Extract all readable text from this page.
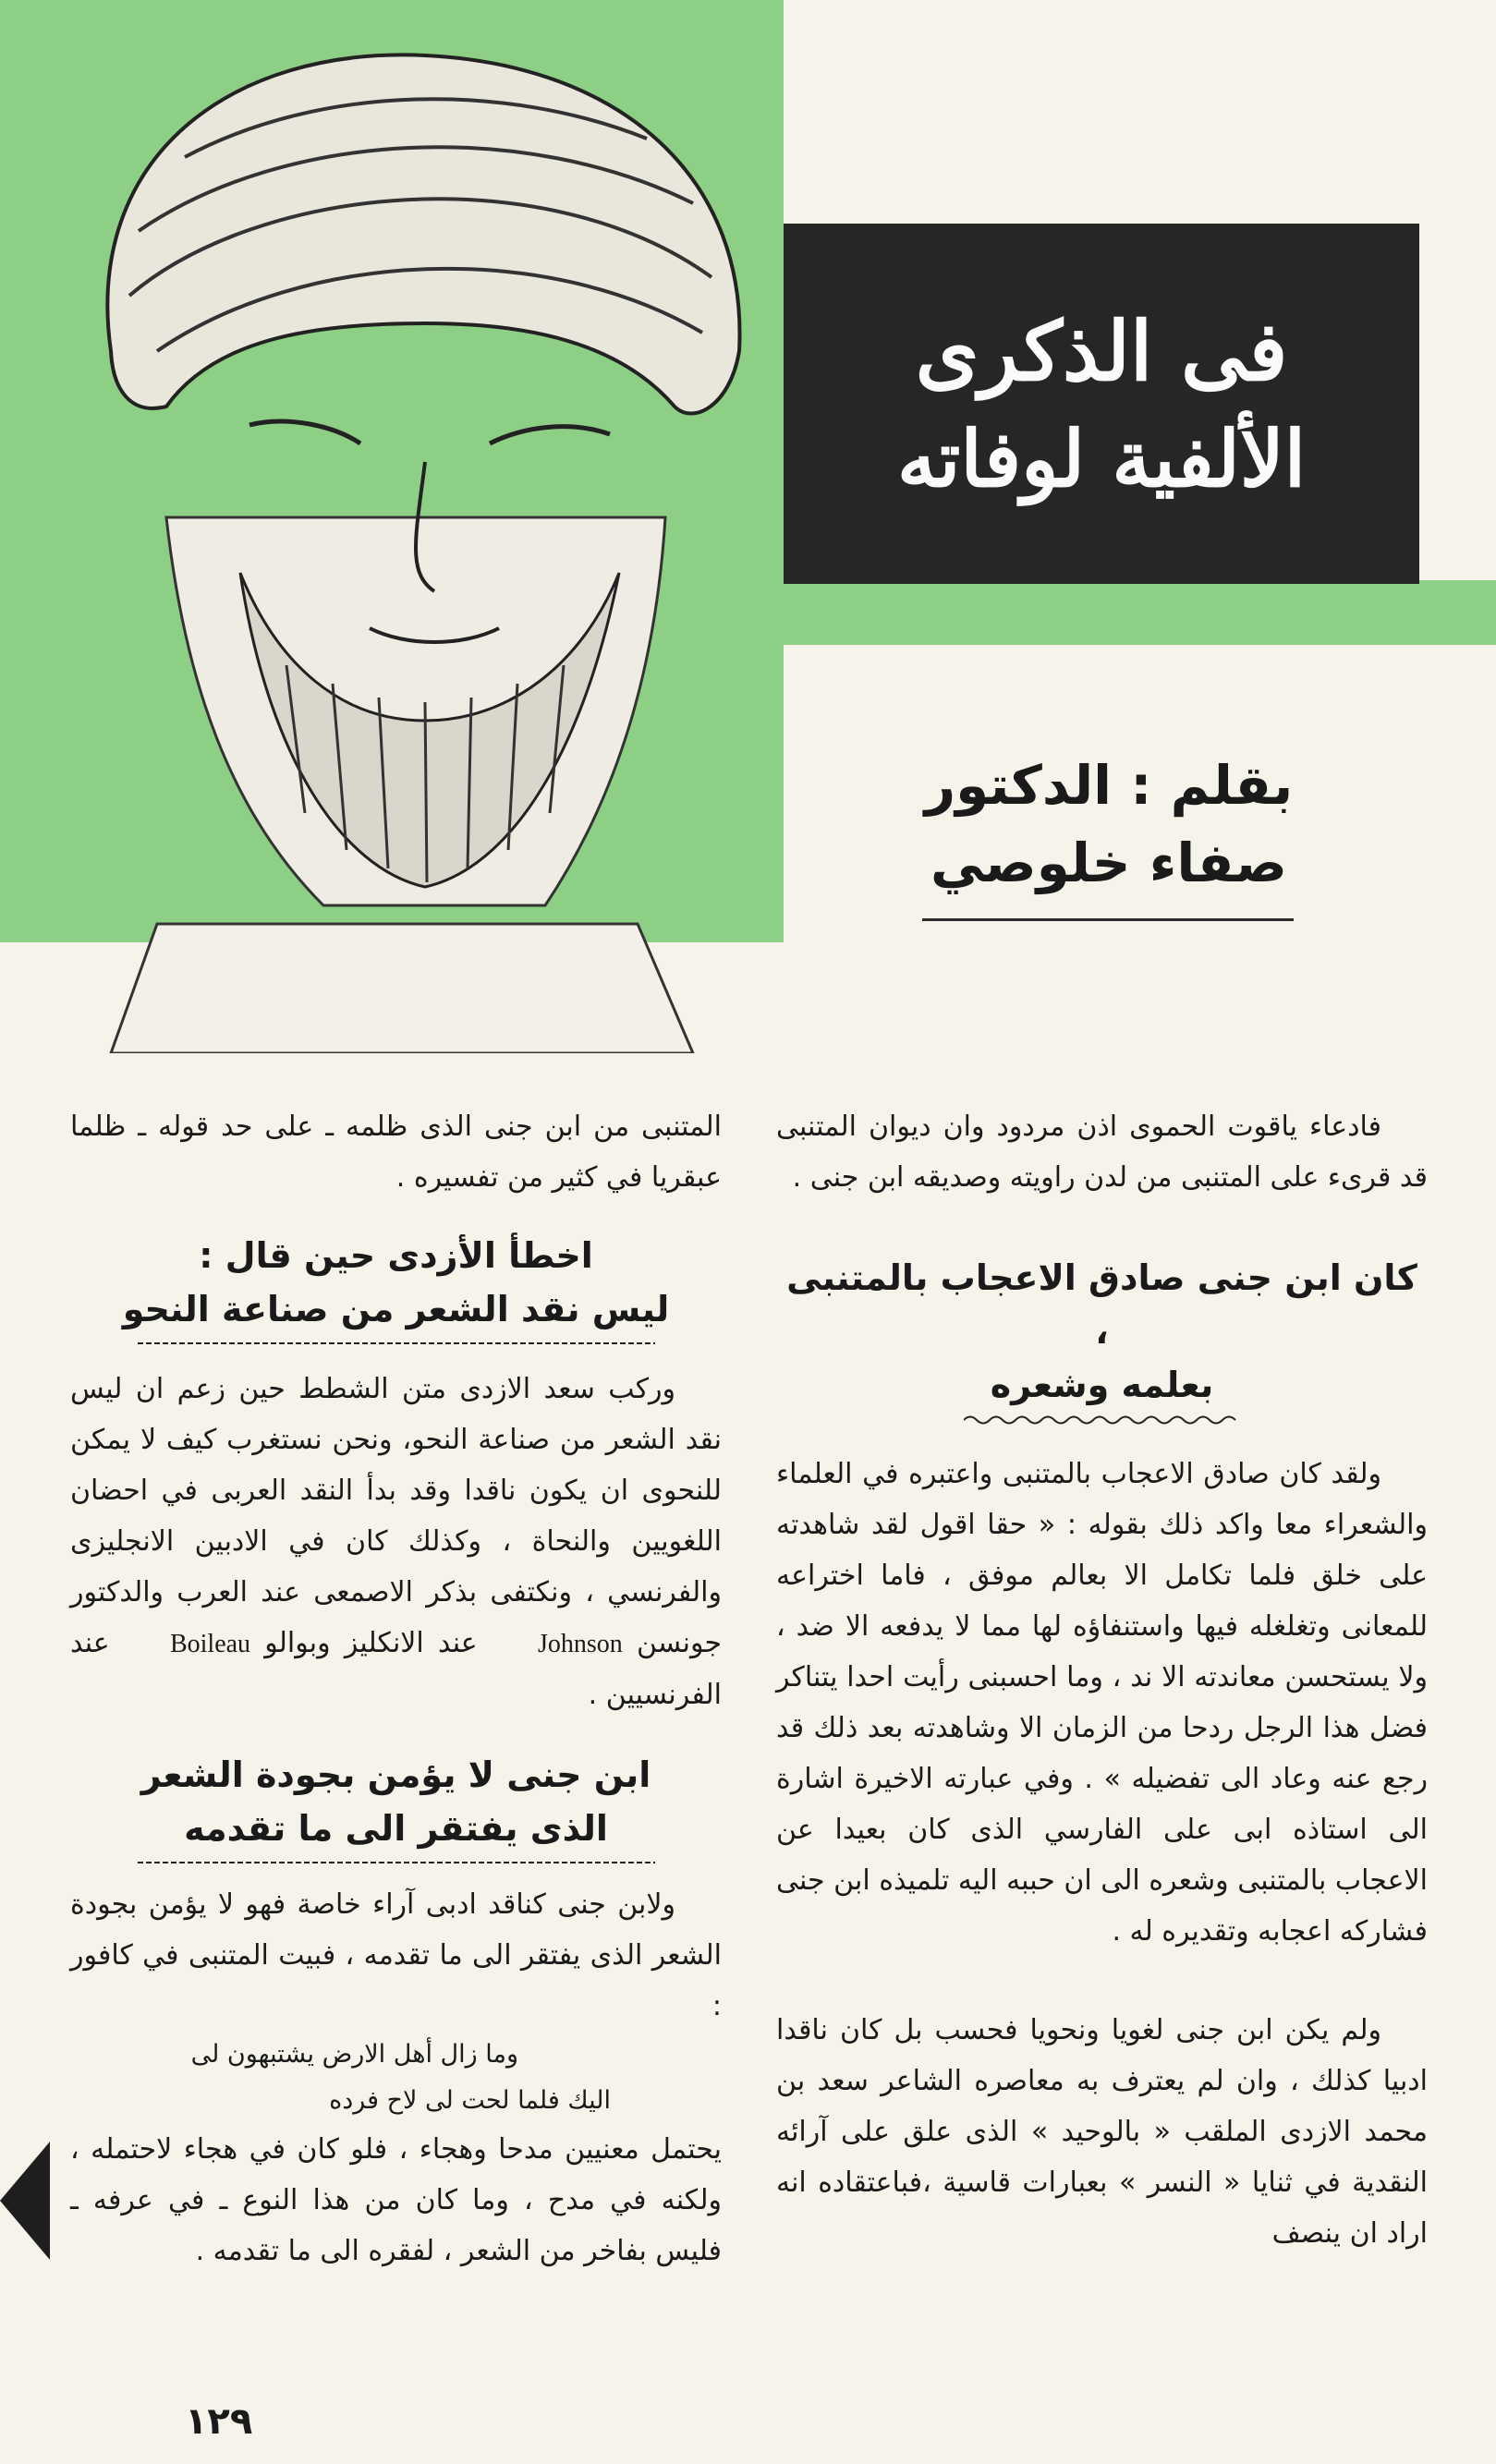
فى الذكرى
الألفية لوفاته
بقلم : الدكتور
صفاء خلوصي

فادعاء ياقوت الحموى اذن مردود وان ديوان المتنبى قد قرىء على المتنبى من لدن راويته وصديقه ابن جنى .

كان ابن جنى صادق الاعجاب بالمتنبى ،

بعلمه وشعره

ولقد كان صادق الاعجاب بالمتنبى واعتبره في العلماء والشعراء معا واكد ذلك بقوله : « حقا اقول لقد شاهدته على خلق فلما تكامل الا بعالم موفق ، فاما اختراعه للمعانى وتغلغله فيها واستنفاؤه لها مما لا يدفعه الا ضد ، ولا يستحسن معاندته الا ند ، وما احسبنى رأيت احدا يتناكر فضل هذا الرجل ردحا من الزمان الا وشاهدته بعد ذلك قد رجع عنه وعاد الى تفضيله » . وفي عبارته الاخيرة اشارة الى استاذه ابى على الفارسي الذى كان بعيدا عن الاعجاب بالمتنبى وشعره الى ان حببه اليه تلميذه ابن جنى فشاركه اعجابه وتقديره له .

ولم يكن ابن جنى لغويا ونحويا فحسب بل كان ناقدا ادبيا كذلك ، وان لم يعترف به معاصره الشاعر سعد بن محمد الازدى الملقب « بالوحيد » الذى علق على آرائه النقدية في ثنايا « النسر » بعبارات قاسية ،فباعتقاده انه اراد ان ينصف

المتنبى من ابن جنى الذى ظلمه ـ على حد قوله ـ ظلما عبقريا في كثير من تفسيره .

اخطأ الأزدى حين قال :

ليس نقد الشعر من صناعة النحو

وركب سعد الازدى متن الشطط حين زعم ان ليس نقد الشعر من صناعة النحو، ونحن نستغرب كيف لا يمكن للنحوى ان يكون ناقدا وقد بدأ النقد العربى في احضان اللغويين والنحاة ، وكذلك كان في الادبين الانجليزى والفرنسي ، ونكتفى بذكر الاصمعى عند العرب والدكتور جونسن Johnson عند الانكليز وبوالو Boileau عند الفرنسيين .

ابن جنى لا يؤمن بجودة الشعر

الذى يفتقر الى ما تقدمه

ولابن جنى كناقد ادبى آراء خاصة فهو لا يؤمن بجودة الشعر الذى يفتقر الى ما تقدمه ، فبيت المتنبى في كافور :

وما زال أهل الارض يشتبهون لى

اليك فلما لحت لى لاح فرده

يحتمل معنيين مدحا وهجاء ، فلو كان في هجاء لاحتمله ، ولكنه في مدح ، وما كان من هذا النوع ـ في عرفه ـ فليس بفاخر من الشعر ، لفقره الى ما تقدمه .

١٢٩
